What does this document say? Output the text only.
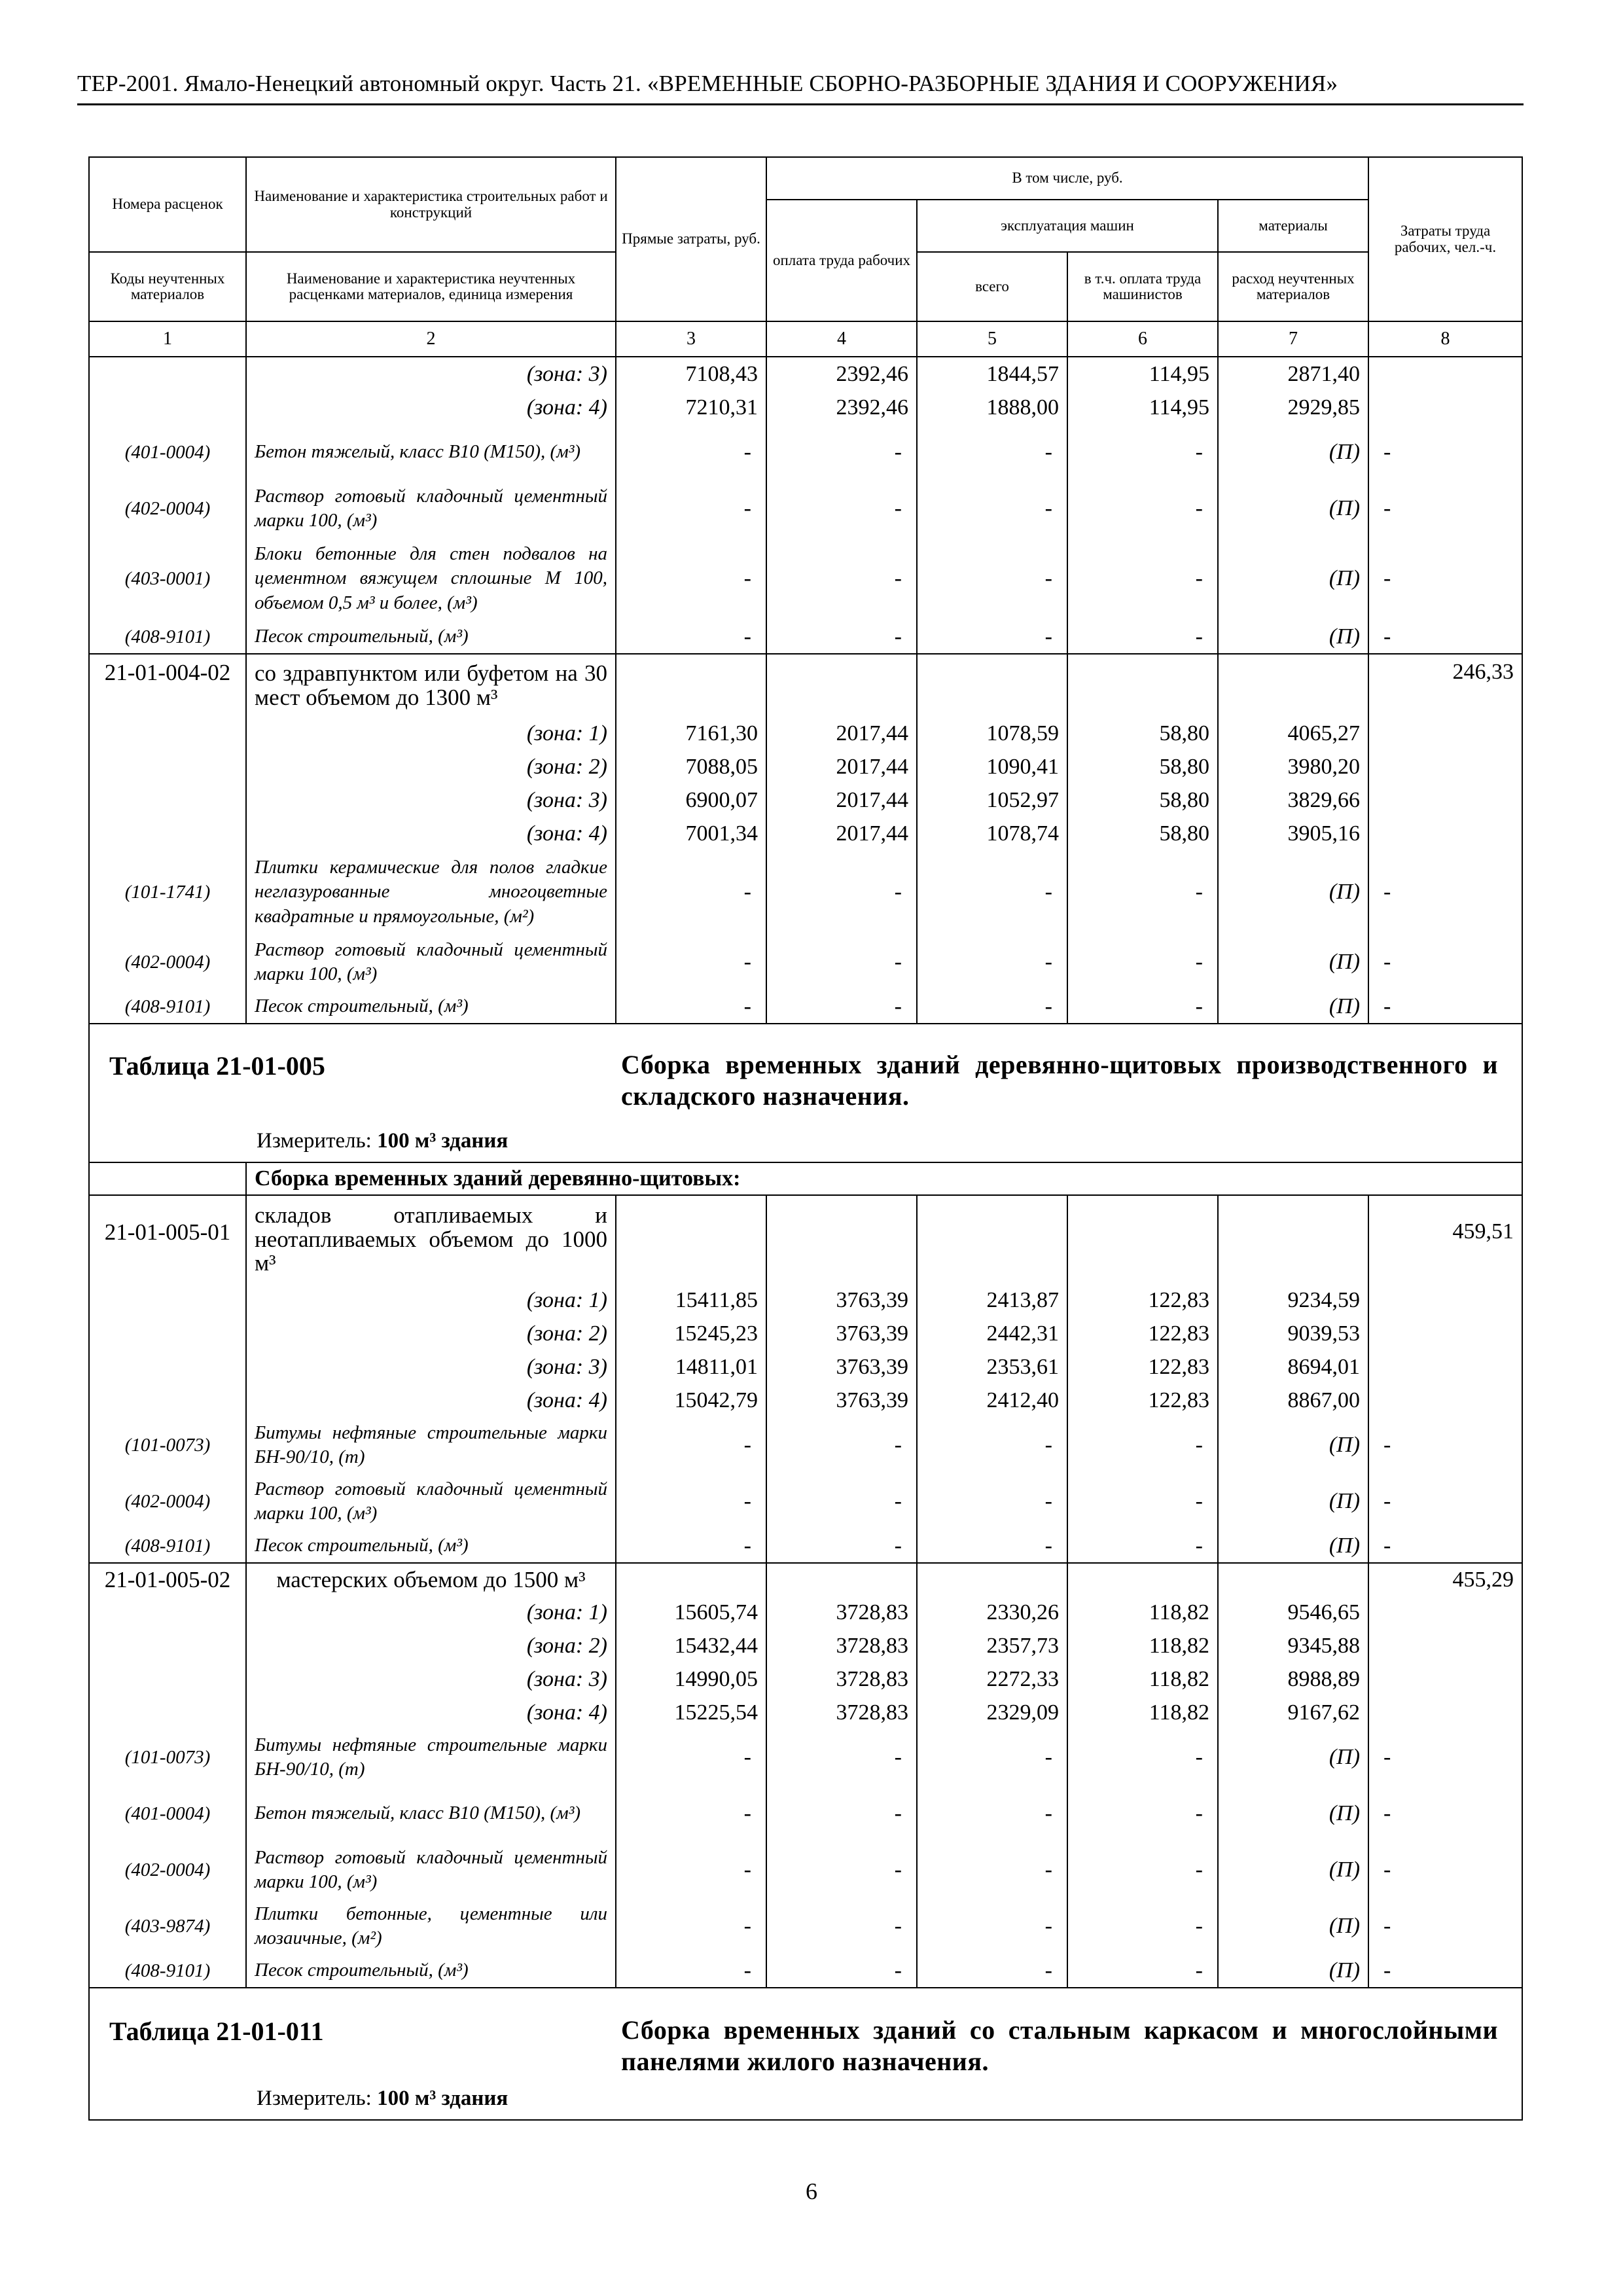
ТЕР-2001. Ямало-Ненецкий автономный округ. Часть 21. «ВРЕМЕННЫЕ СБОРНО-РАЗБОРНЫЕ ЗДАНИЯ И СООРУЖЕНИЯ»
Номера расценок	Наименование и характеристика строительных работ и конструкций	Прямые затраты, руб.	В том числе, руб.				Затраты труда рабочих, чел.-ч.
			оплата труда рабочих	эксплуатация машин		материалы	
Коды неучтенных материалов	Наименование и характеристика неучтенных расценками материалов, единица измерения			всего	в т.ч. оплата труда машинистов	расход неучтенных материалов	
1	2	3	4	5	6	7	8
	(зона: 3)	7108,43	2392,46	1844,57	114,95	2871,40	
	(зона: 4)	7210,31	2392,46	1888,00	114,95	2929,85	
(401-0004)	Бетон тяжелый, класс В10 (М150), (м³)	-	-	-	-	(П)	-
(402-0004)	Раствор готовый кладочный цементный марки 100, (м³)	-	-	-	-	(П)	-
(403-0001)	Блоки бетонные для стен подвалов на цементном вяжущем сплошные М 100, объемом 0,5 м³ и более, (м³)	-	-	-	-	(П)	-
(408-9101)	Песок строительный, (м³)	-	-	-	-	(П)	-
21-01-004-02	со здравпунктом или буфетом на 30 мест объемом до 1300 м³						246,33
	(зона: 1)	7161,30	2017,44	1078,59	58,80	4065,27	
	(зона: 2)	7088,05	2017,44	1090,41	58,80	3980,20	
	(зона: 3)	6900,07	2017,44	1052,97	58,80	3829,66	
	(зона: 4)	7001,34	2017,44	1078,74	58,80	3905,16	
(101-1741)	Плитки керамические для полов гладкие неглазурованные многоцветные квадратные и прямоугольные, (м²)	-	-	-	-	(П)	-
(402-0004)	Раствор готовый кладочный цементный марки 100, (м³)	-	-	-	-	(П)	-
(408-9101)	Песок строительный, (м³)	-	-	-	-	(П)	-

Таблица 21-01-005 Сборка временных зданий деревянно-щитовых производственного и складского назначения.
Измеритель: 100 м³ здания							

	Сборка временных зданий деревянно-щитовых:						
21-01-005-01	складов отапливаемых и неотапливаемых объемом до 1000 м³						459,51
	(зона: 1)	15411,85	3763,39	2413,87	122,83	9234,59	
	(зона: 2)	15245,23	3763,39	2442,31	122,83	9039,53	
	(зона: 3)	14811,01	3763,39	2353,61	122,83	8694,01	
	(зона: 4)	15042,79	3763,39	2412,40	122,83	8867,00	
(101-0073)	Битумы нефтяные строительные марки БН-90/10, (т)	-	-	-	-	(П)	-
(402-0004)	Раствор готовый кладочный цементный марки 100, (м³)	-	-	-	-	(П)	-
(408-9101)	Песок строительный, (м³)	-	-	-	-	(П)	-
21-01-005-02	мастерских объемом до 1500 м³						455,29
	(зона: 1)	15605,74	3728,83	2330,26	118,82	9546,65	
	(зона: 2)	15432,44	3728,83	2357,73	118,82	9345,88	
	(зона: 3)	14990,05	3728,83	2272,33	118,82	8988,89	
	(зона: 4)	15225,54	3728,83	2329,09	118,82	9167,62	
(101-0073)	Битумы нефтяные строительные марки БН-90/10, (т)	-	-	-	-	(П)	-
(401-0004)	Бетон тяжелый, класс В10 (М150), (м³)	-	-	-	-	(П)	-
(402-0004)	Раствор готовый кладочный цементный марки 100, (м³)	-	-	-	-	(П)	-
(403-9874)	Плитки бетонные, цементные или мозаичные, (м²)	-	-	-	-	(П)	-
(408-9101)	Песок строительный, (м³)	-	-	-	-	(П)	-

Таблица 21-01-011 Сборка временных зданий со стальным каркасом и многослойными панелями жилого назначения.
Измеритель: 100 м³ здания							
6
